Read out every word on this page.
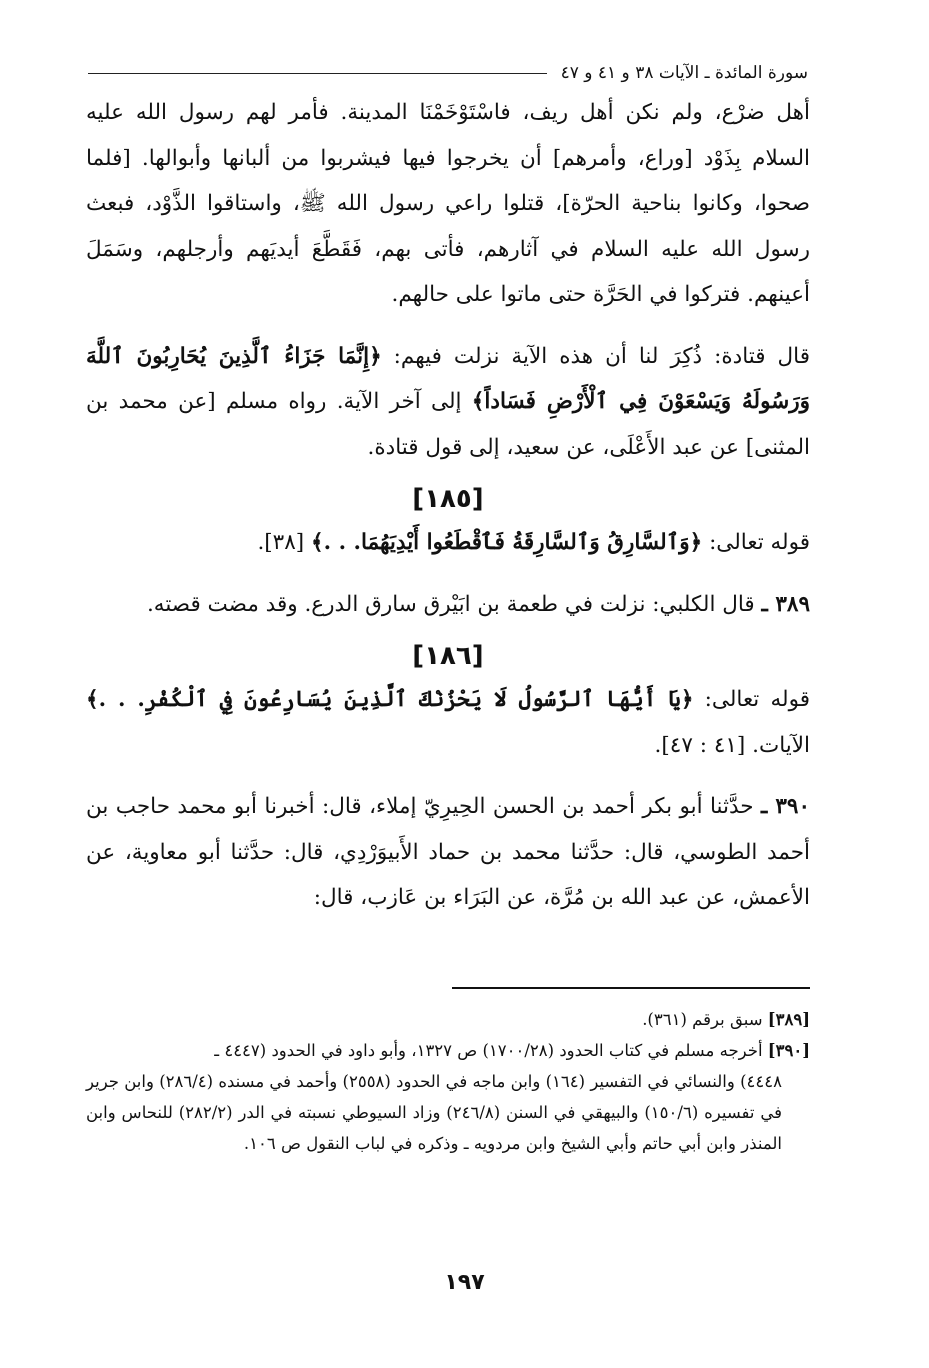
سورة المائدة ـ الآيات ٣٨ و ٤١ و ٤٧

أهل ضرْع، ولم نكن أهل ريف، فاسْتَوْخَمْنَا المدينة. فأمر لهم رسول الله عليه السلام بِذَوْد [وراع، وأمرهم] أن يخرجوا فيها فيشربوا من ألبانها وأبوالها. [فلما صحوا، وكانوا بناحية الحرّة]، قتلوا راعي رسول الله ﷺ، واستاقوا الذَّوْد، فبعث رسول الله عليه السلام في آثارهم، فأتى بهم، فَقَطَّعَ أيديَهم وأرجلهم، وسَمَلَ أعينهم. فتركوا في الحَرَّة حتى ماتوا على حالهم.

قال قتادة: ذُكِرَ لنا أن هذه الآية نزلت فيهم: ﴿إِنَّمَا جَزَاءُ ٱلَّذِينَ يُحَارِبُونَ ٱللَّهَ وَرَسُولَهُ وَيَسْعَوْنَ فِي ٱلْأَرْضِ فَسَاداً﴾ إلى آخر الآية. رواه مسلم [عن محمد بن المثنى] عن عبد الأَعْلَى، عن سعيد، إلى قول قتادة.

[١٨٥]

قوله تعالى: ﴿وَٱلسَّارِقُ وَٱلسَّارِقَةُ فَٱقْطَعُوا أَيْدِيَهُمَا. . .﴾ [٣٨].

٣٨٩ ـ قال الكلبي: نزلت في طعمة بن ابَيْرق سارق الدرع. وقد مضت قصته.

[١٨٦]

قوله تعالى: ﴿يَا أَيُّهَا ٱلرَّسُولُ لَا يَحْزُنْكَ ٱلَّذِينَ يُسَارِعُونَ فِي ٱلْكُفْرِ. . .﴾ الآيات. [٤١ : ٤٧].

٣٩٠ ـ حدَّثنا أبو بكر أحمد بن الحسن الحِيرِيّ إملاء، قال: أخبرنا أبو محمد حاجب بن أحمد الطوسي، قال: حدَّثنا محمد بن حماد الأَبيوَرْدِي، قال: حدَّثنا أبو معاوية، عن الأعمش، عن عبد الله بن مُرَّة، عن البَرَاء بن عَازب، قال:

[٣٨٩] سبق برقم (٣٦١).

[٣٩٠] أخرجه مسلم في كتاب الحدود (١٧٠٠/٢٨) ص ١٣٢٧، وأبو داود في الحدود (٤٤٤٧ ـ

٤٤٤٨) والنسائي في التفسير (١٦٤) وابن ماجه في الحدود (٢٥٥٨) وأحمد في مسنده (٢٨٦/٤) وابن جرير في تفسيره (١٥٠/٦) والبيهقي في السنن (٢٤٦/٨) وزاد السيوطي نسبته في الدر (٢٨٢/٢) للنحاس وابن المنذر وابن أبي حاتم وأبي الشيخ وابن مردويه ـ وذكره في لباب النقول ص ١٠٦.

١٩٧
